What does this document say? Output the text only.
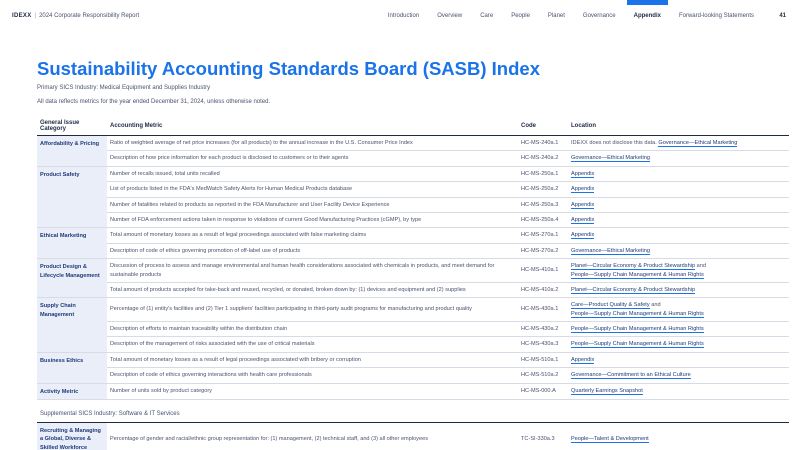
IDEXX | 2024 Corporate Responsibility Report	Introduction	Overview	Care	People	Planet	Governance	Appendix	Forward-looking Statements	41
Sustainability Accounting Standards Board (SASB) Index

Primary SICS Industry: Medical Equipment and Supplies Industry

All data reflects metrics for the year ended December 31, 2024, unless otherwise noted.

General Issue Category	Accounting Metric	Code	Location
Affordability & Pricing	Ratio of weighted average of net price increases (for all products) to the annual increase in the U.S. Consumer Price Index	HC-MS-240a.1	IDEXX does not disclose this data. Governance—Ethical Marketing
	Description of how price information for each product is disclosed to customers or to their agents	HC-MS-240a.2	Governance—Ethical Marketing
Product Safety	Number of recalls issued, total units recalled	HC-MS-250a.1	Appendix
	List of products listed in the FDA's MedWatch Safety Alerts for Human Medical Products database	HC-MS-250a.2	Appendix
	Number of fatalities related to products as reported in the FDA Manufacturer and User Facility Device Experience	HC-MS-250a.3	Appendix
	Number of FDA enforcement actions taken in response to violations of current Good Manufacturing Practices (cGMP), by type	HC-MS-250a.4	Appendix
Ethical Marketing	Total amount of monetary losses as a result of legal proceedings associated with false marketing claims	HC-MS-270a.1	Appendix
	Description of code of ethics governing promotion of off-label use of products	HC-MS-270a.2	Governance—Ethical Marketing
Product Design & Lifecycle Management	Discussion of process to assess and manage environmental and human health considerations associated with chemicals in products, and meet demand for sustainable products	HC-MS-410a.1	Planet—Circular Economy & Product Stewardship and
People—Supply Chain Management & Human Rights
	Total amount of products accepted for take-back and reused, recycled, or donated, broken down by: (1) devices and equipment and (2) supplies	HC-MS-410a.2	Planet—Circular Economy & Product Stewardship
Supply Chain Management	Percentage of (1) entity's facilities and (2) Tier 1 suppliers' facilities participating in third-party audit programs for manufacturing and product quality	HC-MS-430a.1	Care—Product Quality & Safety and
People—Supply Chain Management & Human Rights
	Description of efforts to maintain traceability within the distribution chain	HC-MS-430a.2	People—Supply Chain Management & Human Rights
	Description of the management of risks associated with the use of critical materials	HC-MS-430a.3	People—Supply Chain Management & Human Rights
Business Ethics	Total amount of monetary losses as a result of legal proceedings associated with bribery or corruption	HC-MS-510a.1	Appendix
	Description of code of ethics governing interactions with health care professionals	HC-MS-510a.2	Governance—Commitment to an Ethical Culture
Activity Metric	Number of units sold by product category	HC-MS-000.A	Quarterly Earnings Snapshot
Supplemental SICS Industry: Software & IT Services			
Recruiting & Managing a Global, Diverse & Skilled Workforce	Percentage of gender and racial/ethnic group representation for: (1) management, (2) technical staff, and (3) all other employees	TC-SI-330a.3	People—Talent & Development
